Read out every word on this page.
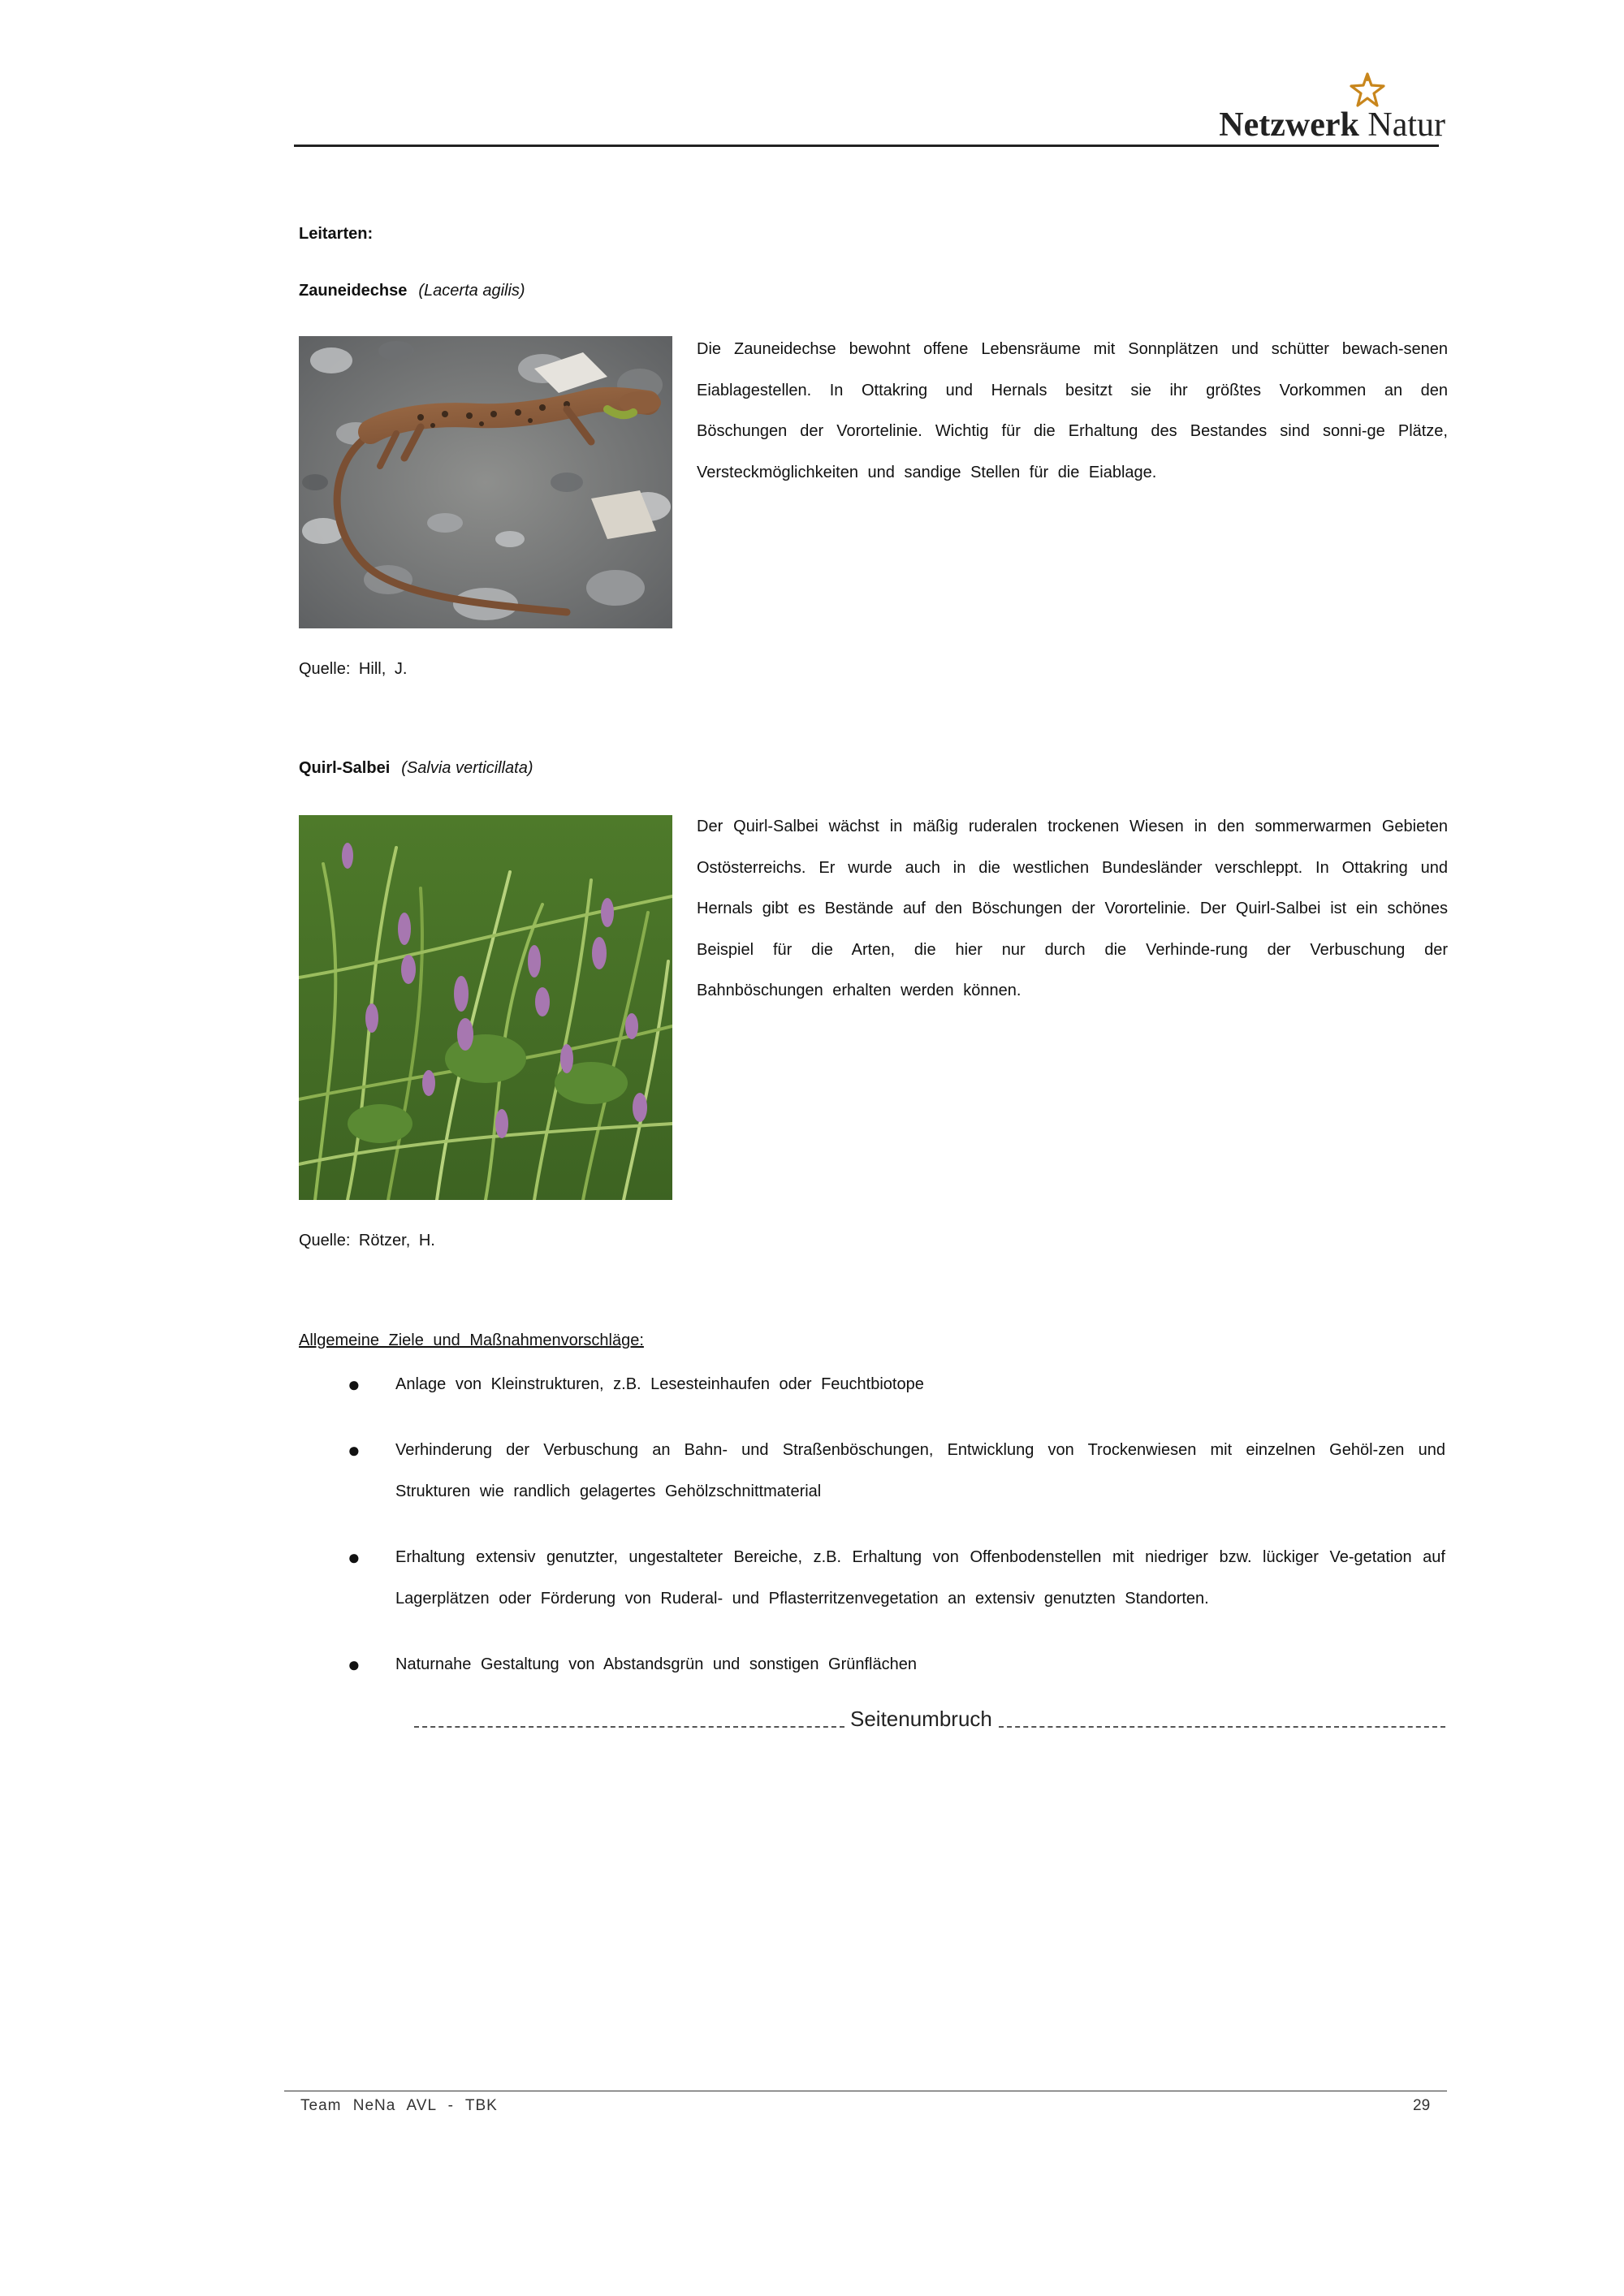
Netzwerk Natur
Leitarten:
Zauneidechse (Lacerta agilis)
Die Zauneidechse bewohnt offene Lebensräume mit Sonnplätzen und schütter bewach-senen Eiablagestellen. In Ottakring und Hernals besitzt sie ihr größtes Vorkommen an den Böschungen der Vorortelinie. Wichtig für die Erhaltung des Bestandes sind sonni-ge Plätze, Versteckmöglichkeiten und sandige Stellen für die Eiablage.
Quelle: Hill, J.
Quirl-Salbei (Salvia verticillata)
Der Quirl-Salbei wächst in mäßig ruderalen trockenen Wiesen in den sommerwarmen Gebieten Ostösterreichs. Er wurde auch in die westlichen Bundesländer verschleppt. In Ottakring und Hernals gibt es Bestände auf den Böschungen der Vorortelinie. Der Quirl-Salbei ist ein schönes Beispiel für die Arten, die hier nur durch die Verhinde-rung der Verbuschung der Bahnböschungen erhalten werden können.
Quelle: Rötzer, H.
Allgemeine Ziele und Maßnahmenvorschläge:
● Anlage von Kleinstrukturen, z.B. Lesesteinhaufen oder Feuchtbiotope
● Verhinderung der Verbuschung an Bahn- und Straßenböschungen, Entwicklung von Trockenwiesen mit einzelnen Gehöl-zen und Strukturen wie randlich gelagertes Gehölzschnittmaterial
● Erhaltung extensiv genutzter, ungestalteter Bereiche, z.B. Erhaltung von Offenbodenstellen mit niedriger bzw. lückiger Ve-getation auf Lagerplätzen oder Förderung von Ruderal- und Pflasterritzenvegetation an extensiv genutzten Standorten.
● Naturnahe Gestaltung von Abstandsgrün und sonstigen Grünflächen
Seitenumbruch
Team NeNa AVL - TBK	29
